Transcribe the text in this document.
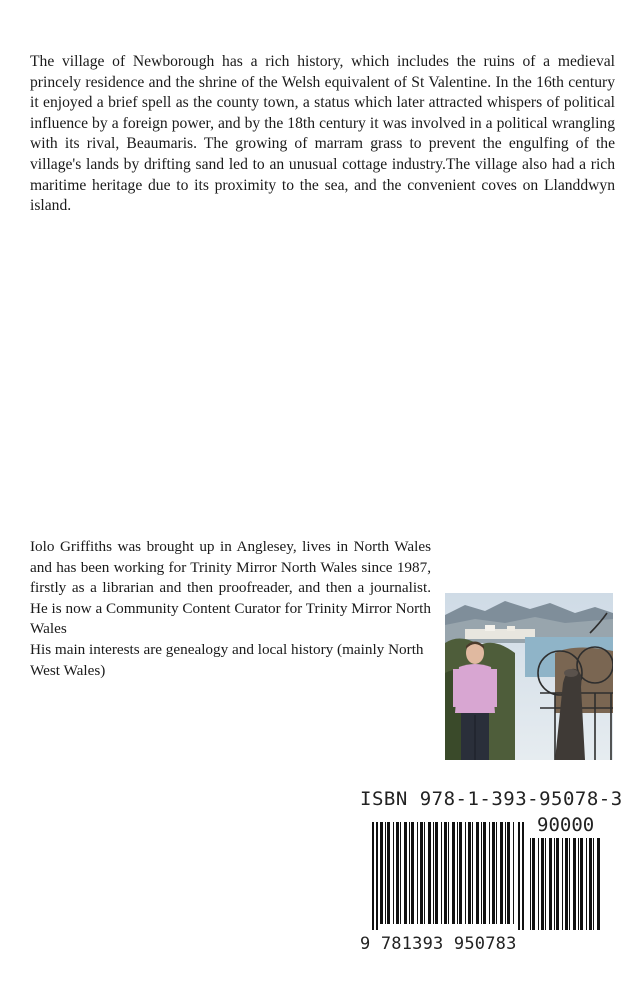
The village of Newborough has a rich history, which includes the ruins of a medieval princely residence and the shrine of the Welsh equivalent of St Valentine. In the 16th century it enjoyed a brief spell as the county town, a status which later attracted whispers of political influence by a foreign power, and by the 18th century it was involved in a political wrangling with its rival, Beaumaris. The growing of marram grass to prevent the engulfing of the village's lands by drifting sand led to an unusual cottage industry.The village also had a rich maritime heritage due to its proximity to the sea, and the convenient coves on Llanddwyn island.

Iolo Griffiths was brought up in Anglesey, lives in North Wales and has been working for Trinity Mirror North Wales since 1987, firstly as a librarian and then proofreader, and then a journalist. He is now a Community Content Curator for Trinity Mirror North Wales
His main interests are genealogy and local history (mainly North West Wales)
ISBN 978-1-393-95078-3
90000
9 781393 950783
